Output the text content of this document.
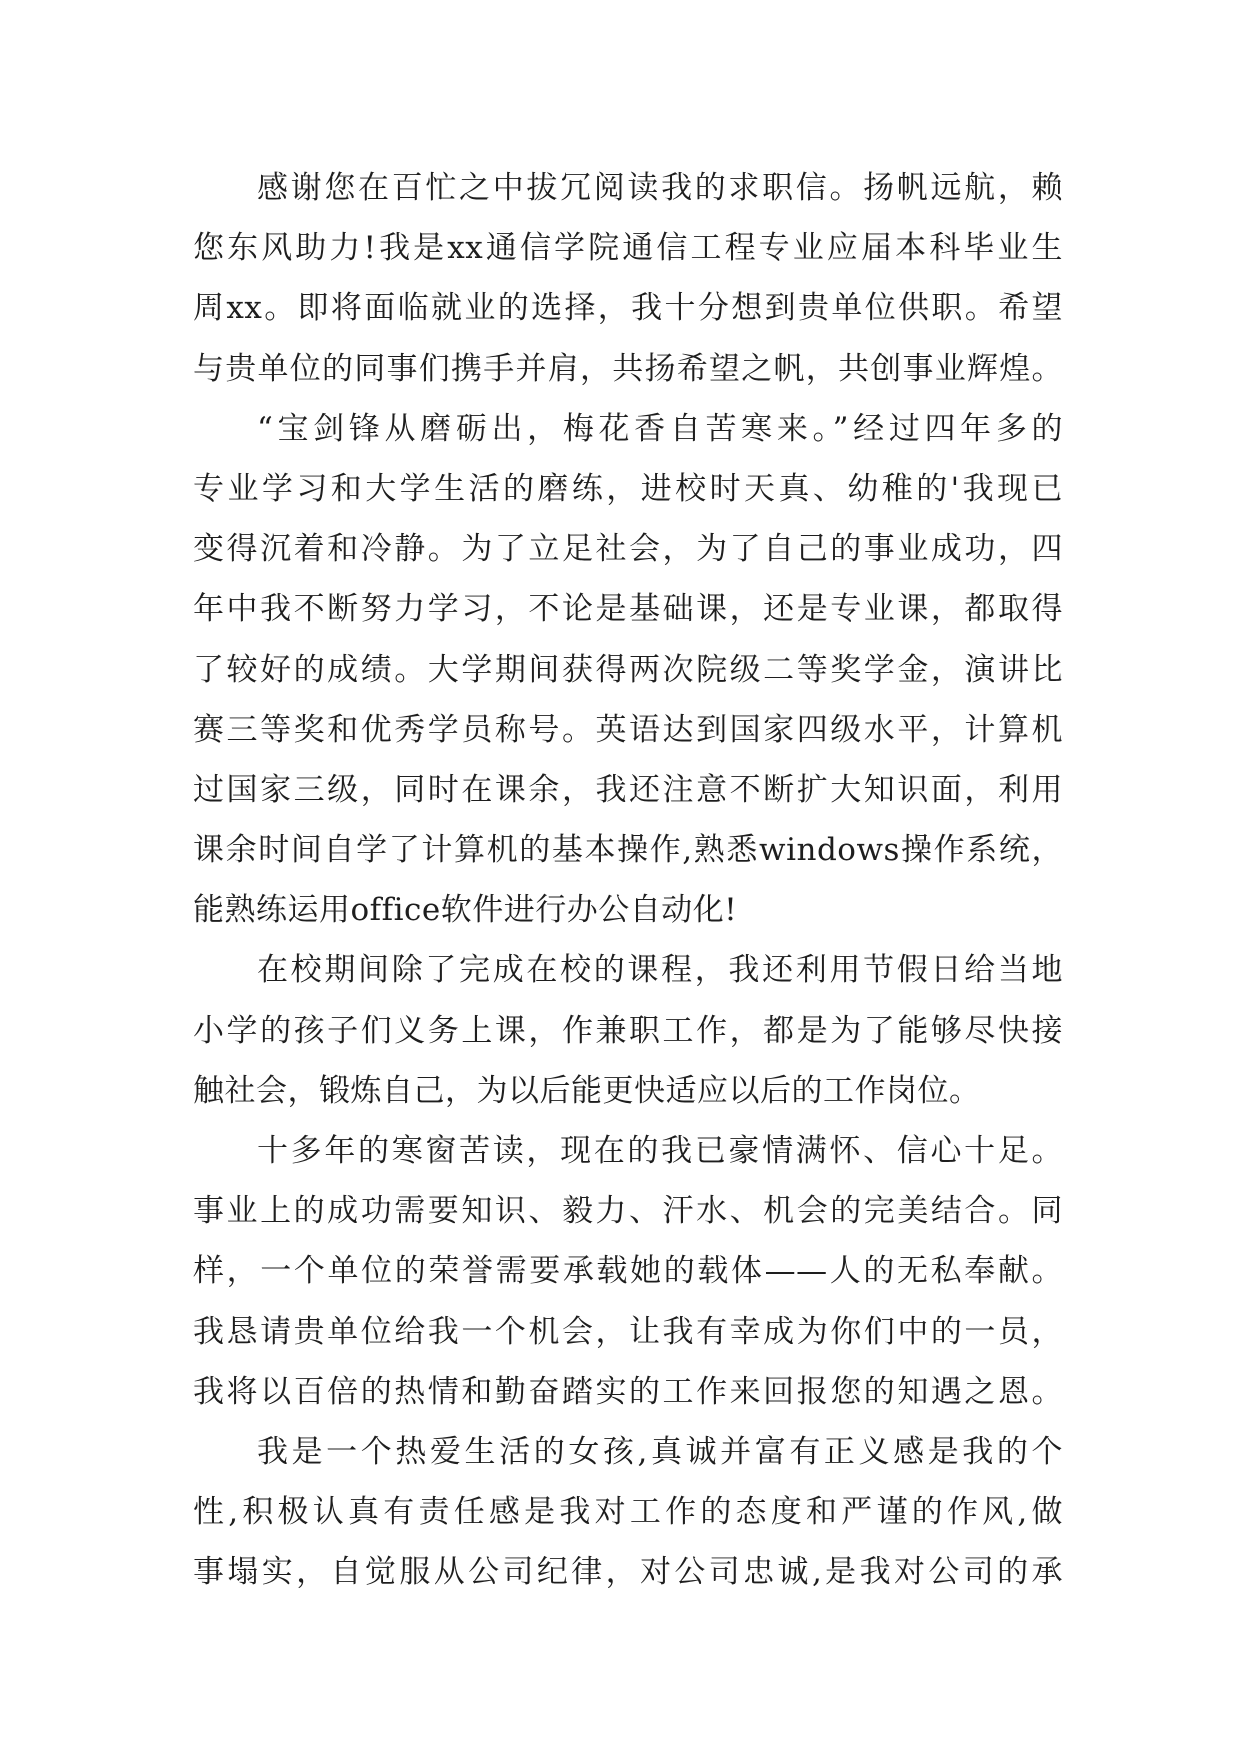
感谢您在百忙之中拔冗阅读我的求职信。扬帆远航，赖
您东风助力!我是xx通信学院通信工程专业应届本科毕业生
周xx。即将面临就业的选择，我十分想到贵单位供职。希望
与贵单位的同事们携手并肩，共扬希望之帆，共创事业辉煌。
“宝剑锋从磨砺出，梅花香自苦寒来。”经过四年多的
专业学习和大学生活的磨练，进校时天真、幼稚的'我现已
变得沉着和冷静。为了立足社会，为了自己的事业成功，四
年中我不断努力学习，不论是基础课，还是专业课，都取得
了较好的成绩。大学期间获得两次院级二等奖学金，演讲比
赛三等奖和优秀学员称号。英语达到国家四级水平，计算机
过国家三级，同时在课余，我还注意不断扩大知识面，利用
课余时间自学了计算机的基本操作,熟悉windows操作系统，
能熟练运用office软件进行办公自动化!
在校期间除了完成在校的课程，我还利用节假日给当地
小学的孩子们义务上课，作兼职工作，都是为了能够尽快接
触社会，锻炼自己，为以后能更快适应以后的工作岗位。
十多年的寒窗苦读，现在的我已豪情满怀、信心十足。
事业上的成功需要知识、毅力、汗水、机会的完美结合。同
样，一个单位的荣誉需要承载她的载体——人的无私奉献。
我恳请贵单位给我一个机会，让我有幸成为你们中的一员，
我将以百倍的热情和勤奋踏实的工作来回报您的知遇之恩。
我是一个热爱生活的女孩,真诚并富有正义感是我的个
性,积极认真有责任感是我对工作的态度和严谨的作风,做
事塌实，自觉服从公司纪律，对公司忠诚,是我对公司的承
